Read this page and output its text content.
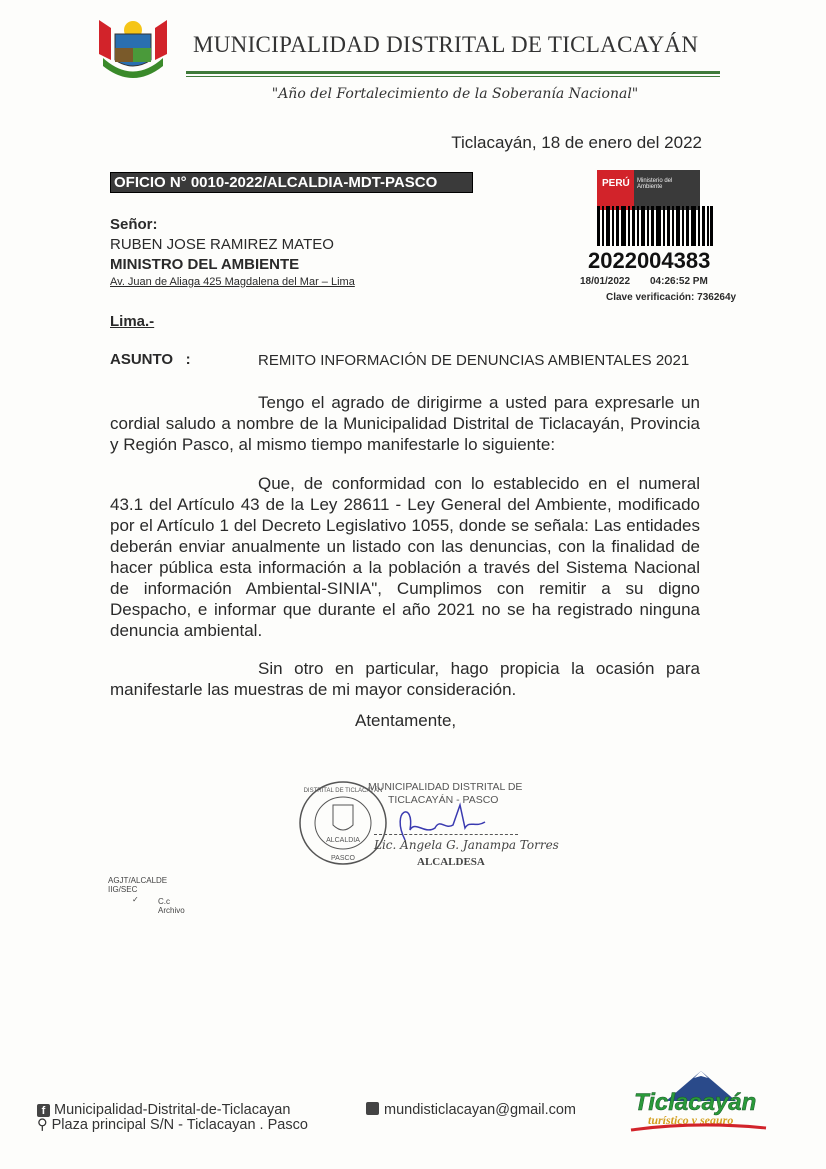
MUNICIPALIDAD DISTRITAL DE TICLACAYÁN
"Año del Fortalecimiento de la Soberanía Nacional"
Ticlacayán, 18 de enero del 2022
OFICIO N° 0010-2022/ALCALDIA-MDT-PASCO
Señor:
RUBEN JOSE RAMIREZ MATEO
MINISTRO DEL AMBIENTE
Av. Juan de Aliaga 425 Magdalena del Mar – Lima
PERÚ	Ministerio del Ambiente
2022004383
18/01/2022 04:26:52 PM
Clave verificación: 736264y
Lima.-
ASUNTO   :	REMITO INFORMACIÓN DE DENUNCIAS AMBIENTALES 2021
Tengo el agrado de dirigirme a usted para expresarle un cordial saludo a nombre de la Municipalidad Distrital de Ticlacayán, Provincia y Región Pasco, al mismo tiempo manifestarle lo siguiente:
Que, de conformidad con lo establecido en el numeral 43.1 del Artículo 43 de la Ley 28611 - Ley General del Ambiente, modificado por el Artículo 1 del Decreto Legislativo 1055, donde se señala: Las entidades deberán enviar anualmente un listado con las denuncias, con la finalidad de hacer pública esta información a la población a través del Sistema Nacional de información Ambiental-SINIA", Cumplimos con remitir a su digno Despacho, e informar que durante el año 2021 no se ha registrado ninguna denuncia ambiental.
Sin otro en particular, hago propicia la ocasión para manifestarle las muestras de mi mayor consideración.
Atentamente,
ALCALDIA
PASCO
DISTRITAL DE TICLACAYÁN
MUNICIPALIDAD DISTRITAL DE
TICLACAYÁN - PASCO
Lic. Angela G. Janampa Torres
ALCALDESA
AGJT/ALCALDE
IIG/SEC
✓ C.c
Archivo
f Municipalidad-Distrital-de-Ticlacayan
⚲ Plaza principal S/N - Ticlacayan . Pasco
mundisticlacayan@gmail.com Ticlacayán
turístico y seguro
